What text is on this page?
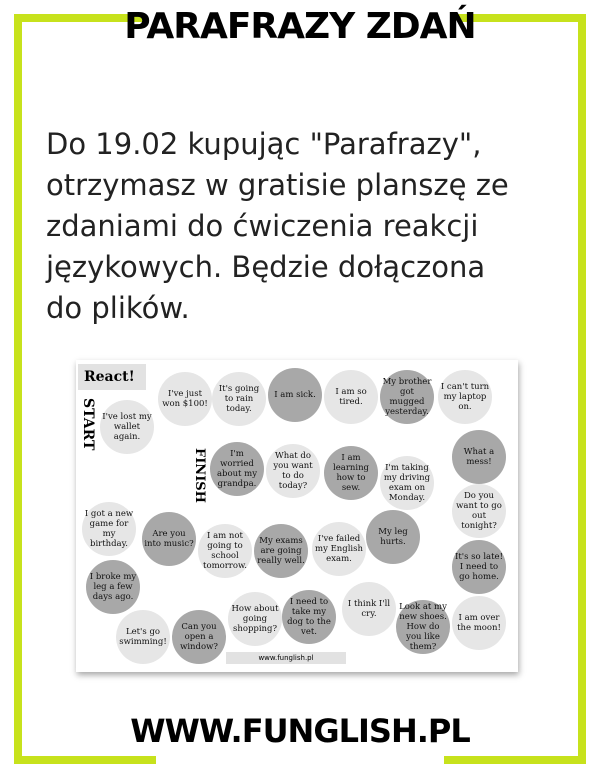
PARAFRAZY ZDAŃ
Do 19.02 kupując "Parafrazy",
otrzymasz w gratisie planszę ze
zdaniami do ćwiczenia reakcji
językowych. Będzie dołączona
do plików.
React!
START
FINISH
I've just won $100!
It's going to rain today.
I am sick.	I am so tired.
My brother got mugged yesterday.
I can't turn my laptop on.
I've lost my wallet again.
What a mess!
I'm worried about my grandpa.
What do you want to do today?
I am learning how to sew.
I'm taking my driving exam on Monday.	Do you want to go out tonight?
I got a new game for my birthday.
Are you into music?
I am not going to school tomorrow.
My exams are going really well.
I've failed my English exam.
My leg hurts.
It's so late! I need to go home.
I broke my leg a few days ago.
How about going shopping?
I need to take my dog to the vet.
I think I'll cry.
Look at my new shoes. How do you like them?
I am over the moon!
Let's go swimming!
Can you open a window?
www.funglish.pl
WWW.FUNGLISH.PL
